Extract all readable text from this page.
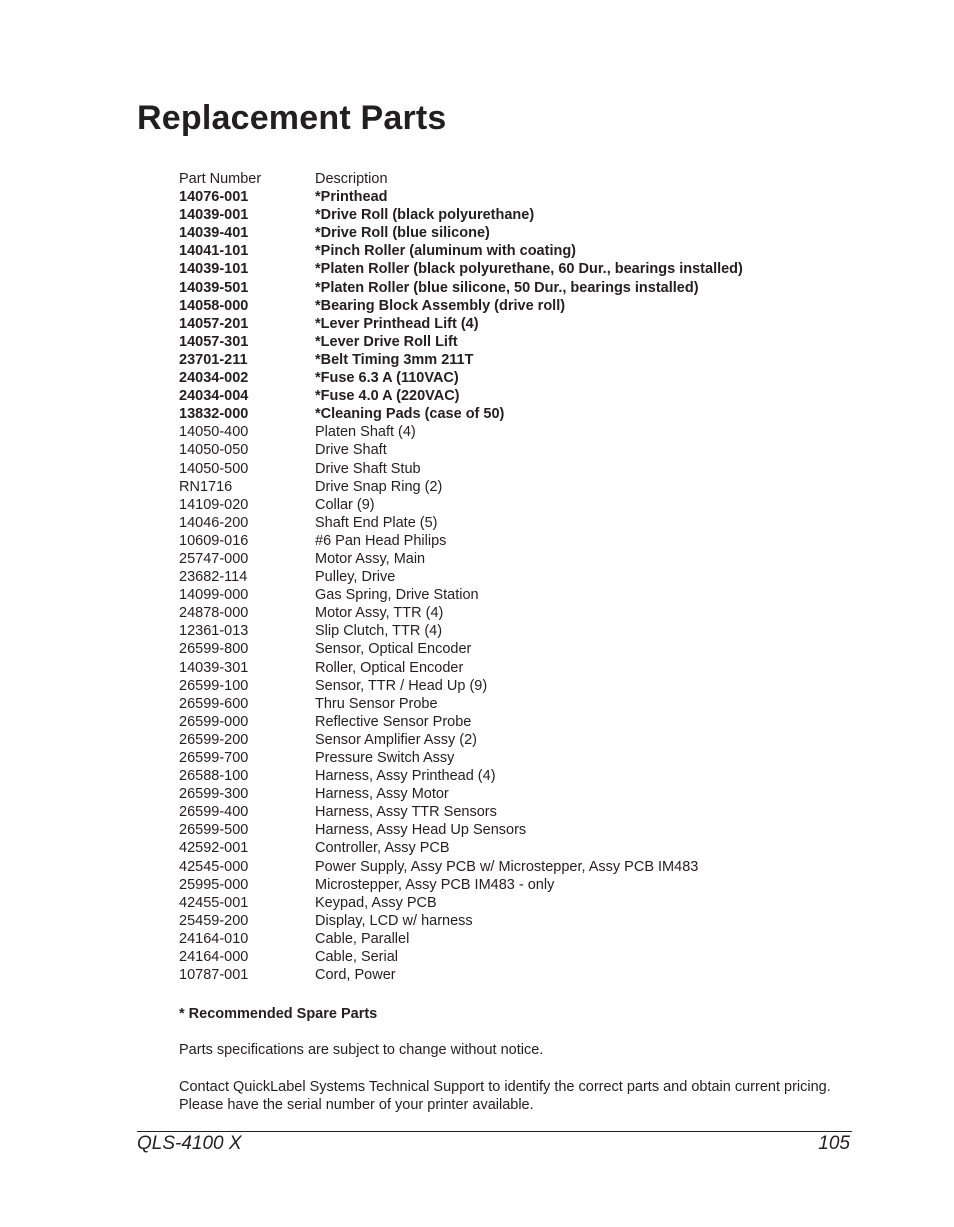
Replacement Parts
Part Number	Description
14076-001	*Printhead
14039-001	*Drive Roll (black polyurethane)
14039-401	*Drive Roll (blue silicone)
14041-101	*Pinch Roller (aluminum with coating)
14039-101	*Platen Roller (black polyurethane, 60 Dur., bearings installed)
14039-501	*Platen Roller (blue silicone, 50 Dur., bearings installed)
14058-000	*Bearing Block Assembly (drive roll)
14057-201	*Lever Printhead Lift (4)
14057-301	*Lever Drive Roll Lift
23701-211	*Belt Timing 3mm 211T
24034-002	*Fuse 6.3 A (110VAC)
24034-004	*Fuse 4.0 A (220VAC)
13832-000	*Cleaning Pads (case of 50)
14050-400	Platen Shaft (4)
14050-050	Drive Shaft
14050-500	Drive Shaft Stub
RN1716	Drive Snap Ring (2)
14109-020	Collar (9)
14046-200	Shaft End Plate (5)
10609-016	#6 Pan Head Philips
25747-000	Motor Assy, Main
23682-114	Pulley, Drive
14099-000	Gas Spring, Drive Station
24878-000	Motor Assy, TTR (4)
12361-013	Slip Clutch, TTR (4)
26599-800	Sensor, Optical Encoder
14039-301	Roller, Optical Encoder
26599-100	Sensor, TTR / Head Up (9)
26599-600	Thru Sensor Probe
26599-000	Reflective Sensor Probe
26599-200	Sensor Amplifier Assy (2)
26599-700	Pressure Switch Assy
26588-100	Harness, Assy Printhead (4)
26599-300	Harness, Assy Motor
26599-400	Harness, Assy TTR Sensors
26599-500	Harness, Assy Head Up Sensors
42592-001	Controller, Assy PCB
42545-000	Power Supply, Assy PCB w/ Microstepper, Assy PCB IM483
25995-000	Microstepper, Assy PCB IM483 - only
42455-001	Keypad, Assy PCB
25459-200	Display, LCD w/ harness
24164-010	Cable, Parallel
24164-000	Cable, Serial
10787-001	Cord, Power

* Recommended Spare Parts

Parts specifications are subject to change without notice.

Contact QuickLabel Systems Technical Support to identify the correct parts and obtain current pricing.

Please have the serial number of your printer available.

QLS-4100 X	105
